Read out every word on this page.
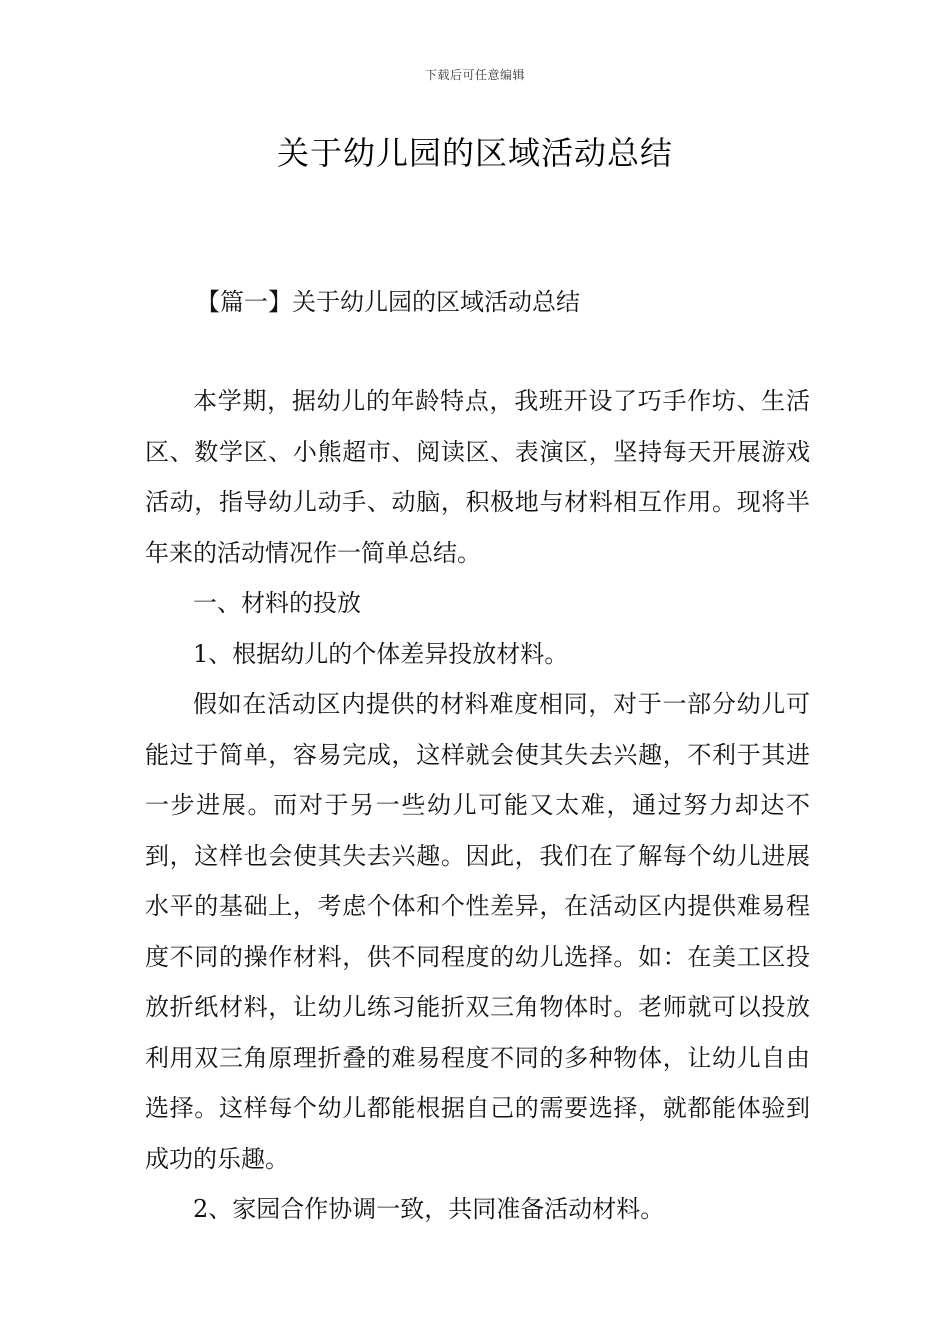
下载后可任意编辑
关于幼儿园的区域活动总结
【篇一】关于幼儿园的区域活动总结

本学期，据幼儿的年龄特点，我班开设了巧手作坊、生活区、数学区、小熊超市、阅读区、表演区，坚持每天开展游戏活动，指导幼儿动手、动脑，积极地与材料相互作用。现将半年来的活动情况作一简单总结。

一、材料的投放

1、根据幼儿的个体差异投放材料。

假如在活动区内提供的材料难度相同，对于一部分幼儿可能过于简单，容易完成，这样就会使其失去兴趣，不利于其进一步进展。而对于另一些幼儿可能又太难，通过努力却达不到，这样也会使其失去兴趣。因此，我们在了解每个幼儿进展水平的基础上，考虑个体和个性差异，在活动区内提供难易程度不同的操作材料，供不同程度的幼儿选择。如：在美工区投放折纸材料，让幼儿练习能折双三角物体时。老师就可以投放利用双三角原理折叠的难易程度不同的多种物体，让幼儿自由选择。这样每个幼儿都能根据自己的需要选择，就都能体验到成功的乐趣。

2、家园合作协调一致，共同准备活动材料。
